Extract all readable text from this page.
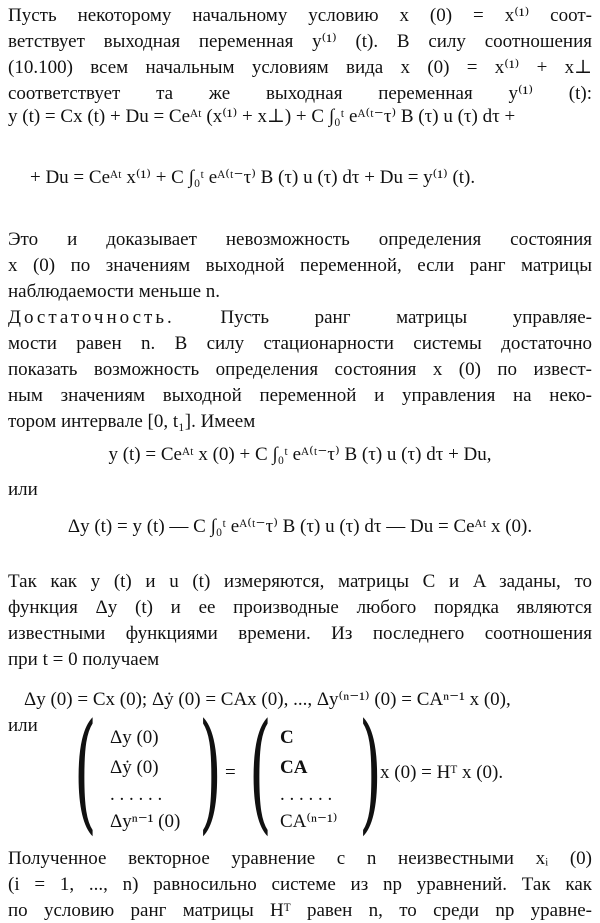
Пусть некоторому начальному условию x (0) = x⁽¹⁾ соот-
ветствует выходная переменная y⁽¹⁾ (t). В силу соотношения
(10.100) всем начальным условиям вида x (0) = x⁽¹⁾ + x⊥
y (t) = Cx (t) + Du = Ceᴬᵗ (x⁽¹⁾ + x⊥) + C ∫₀ᵗ eᴬ⁽ᵗ⁻τ⁾ B (τ) u (τ) dτ +
+ Du = Ceᴬᵗ x⁽¹⁾ + C ∫₀ᵗ eᴬ⁽ᵗ⁻τ⁾ B (τ) u (τ) dτ + Du = y⁽¹⁾ (t).
Это и доказывает невозможность определения состояния
x (0) по значениям выходной переменной, если ранг матрицы
наблюдаемости меньше n.
Достаточность. Пусть ранг матрицы управляе-
мости равен n. В силу стационарности системы достаточно
показать возможность определения состояния x (0) по извест-
ным значениям выходной переменной и управления на неко-
тором интервале [0, t₁]. Имеем
y (t) = Ceᴬᵗ x (0) + C ∫₀ᵗ eᴬ⁽ᵗ⁻τ⁾ B (τ) u (τ) dτ + Du,
или
Δy (t) = y (t) — C ∫₀ᵗ eᴬ⁽ᵗ⁻τ⁾ B (τ) u (τ) dτ — Du = Ceᴬᵗ x (0).
Так как y (t) и u (t) измеряются, матрицы C и A заданы, то
функция Δy (t) и ее производные любого порядка являются
известными функциями времени. Из последнего соотношения
при t = 0 получаем
Δy (0) = Cx (0); Δẏ (0) = CAx (0), ..., Δy⁽ⁿ⁻¹⁾ (0) = CAⁿ⁻¹ x (0),
или ( Δy (0)
Δẏ (0)
. . . . . .
Δyⁿ⁻¹ (0) ) = ( C
CA
. . . . . .
CA⁽ⁿ⁻¹⁾ )
x (0) = Hᵀ x (0).
Полученное векторное уравнение с n неизвестными xᵢ (0)
(i = 1, ..., n) равносильно системе из np уравнений. Так как
по условию ранг матрицы Hᵀ равен n, то среди np уравне-
соответствует та же выходная переменная y⁽¹⁾ (t):
